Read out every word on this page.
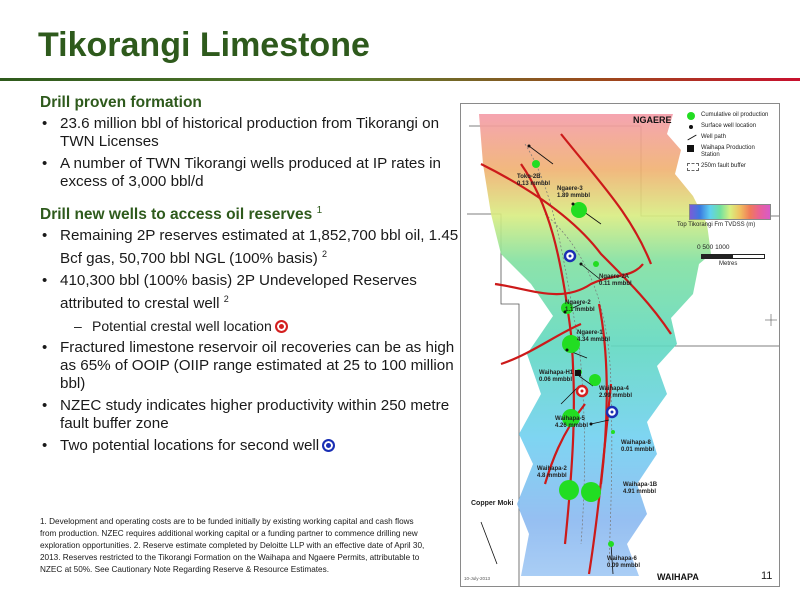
Tikorangi Limestone
Drill proven formation
• 23.6 million bbl of historical production from Tikorangi on TWN Licenses
• A number of TWN Tikorangi wells produced at IP rates in excess of 3,000 bbl/d
Drill new wells to access oil reserves $^1$
• Remaining 2P reserves estimated at 1,852,700 bbl oil, 1.45 Bcf gas, 50,700 bbl NGL (100% basis) $^2$
• 410,300 bbl (100% basis) 2P Undeveloped Reserves attributed to crestal well $^2$
– Potential crestal well location
• Fractured limestone reservoir oil recoveries can be as high as 65% of OOIP (OIIP range estimated at 25 to 100 million bbl)
• NZEC study indicates higher productivity within 250 metre fault buffer zone
• Two potential locations for second well
1. Development and operating costs are to be funded initially by existing working capital and cash flows from production. NZEC requires additional working capital or a funding partner to commence drilling new exploration opportunities. 2. Reserve estimate completed by Deloitte LLP with an effective date of April 30, 2013. Reserves restricted to the Tikorangi Formation on the Waihapa and Ngaere Permits, attributable to NZEC at 50%. See Cautionary Note Regarding Reserve & Resource Estimates.
NGAERE
WAIHAPA
Toko-2B
0.13 mmbbl
Ngaere-3
1.89 mmbbl
Ngaere-2A
0.11 mmbbl
Ngaere-2
1.1 mmbbl
Ngaere-1
4.34 mmbbl
Waihapa-H1
0.06 mmbbl
Waihapa-4
2.99 mmbbl
Waihapa-5
4.26 mmbbl
Waihapa-8
0.01 mmbbl
Waihapa-2
4.8 mmbbl
Waihapa-1B
4.91 mmbbl
Waihapa-6
0.09 mmbbl
Copper Moki
Cumulative oil production
Surface well location
Well path
Waihapa Production Station
250m fault buffer
Top Tikorangi Fm TVDSS (m)
0 500 1000
Metres
10-July-2013	11
